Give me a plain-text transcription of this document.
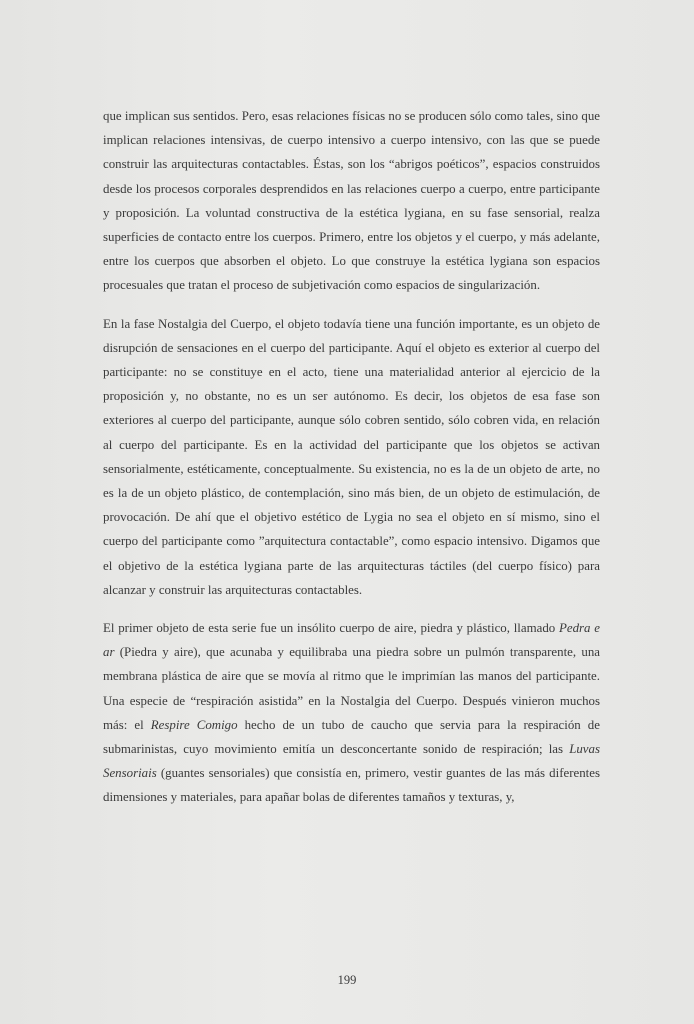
que implican sus sentidos. Pero, esas relaciones físicas no se producen sólo como tales, sino que implican relaciones intensivas, de cuerpo intensivo a cuerpo intensivo, con las que se puede construir las arquitecturas contactables. Éstas, son los “abrigos poéticos”, espacios construidos desde los procesos corporales desprendidos en las relaciones cuerpo a cuerpo, entre participante y proposición. La voluntad constructiva de la estética lygiana, en su fase sensorial, realza superficies de contacto entre los cuerpos. Primero, entre los objetos y el cuerpo, y más adelante, entre los cuerpos que absorben el objeto. Lo que construye la estética lygiana son espacios procesuales que tratan el proceso de subjetivación como espacios de singularización.

En la fase Nostalgia del Cuerpo, el objeto todavía tiene una función importante, es un objeto de disrupción de sensaciones en el cuerpo del participante. Aquí el objeto es exterior al cuerpo del participante: no se constituye en el acto, tiene una materialidad anterior al ejercicio de la proposición y, no obstante, no es un ser autónomo. Es decir, los objetos de esa fase son exteriores al cuerpo del participante, aunque sólo cobren sentido, sólo cobren vida, en relación al cuerpo del participante. Es en la actividad del participante que los objetos se activan sensorialmente, estéticamente, conceptualmente. Su existencia, no es la de un objeto de arte, no es la de un objeto plástico, de contemplación, sino más bien, de un objeto de estimulación, de provocación. De ahí que el objetivo estético de Lygia no sea el objeto en sí mismo, sino el cuerpo del participante como ”arquitectura contactable”, como espacio intensivo. Digamos que el objetivo de la estética lygiana parte de las arquitecturas táctiles (del cuerpo físico) para alcanzar y construir las arquitecturas contactables.

El primer objeto de esta serie fue un insólito cuerpo de aire, piedra y plástico, llamado Pedra e ar (Piedra y aire), que acunaba y equilibraba una piedra sobre un pulmón transparente, una membrana plástica de aire que se movía al ritmo que le imprimían las manos del participante. Una especie de “respiración asistida” en la Nostalgia del Cuerpo. Después vinieron muchos más: el Respire Comigo hecho de un tubo de caucho que servia para la respiración de submarinistas, cuyo movimiento emitía un desconcertante sonido de respiración; las Luvas Sensoriais (guantes sensoriales) que consistía en, primero, vestir guantes de las más diferentes dimensiones y materiales, para apañar bolas de diferentes tamaños y texturas, y,

199
